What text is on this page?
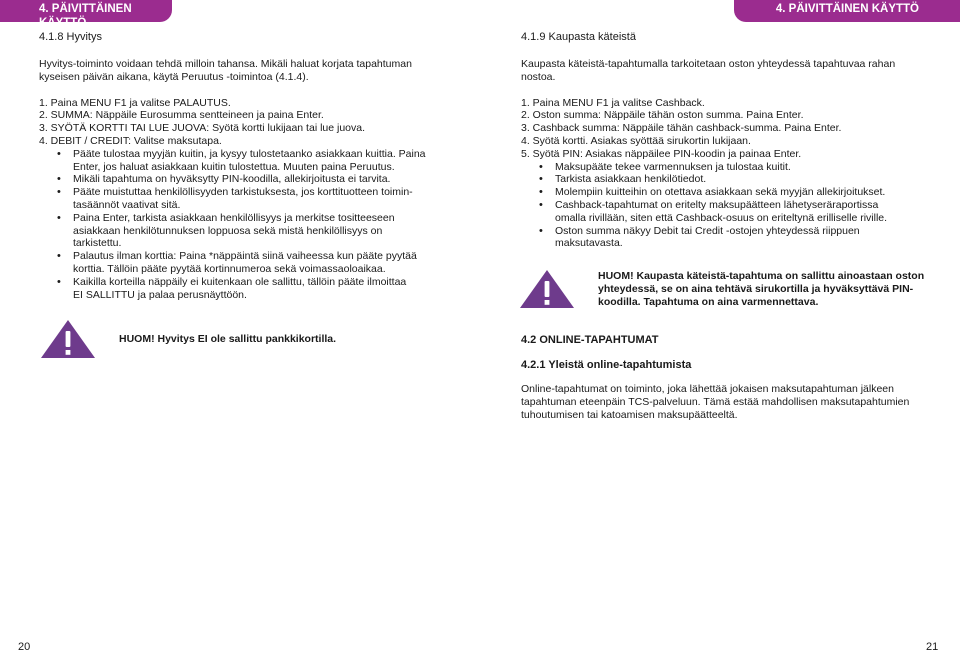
4. PÄIVITTÄINEN KÄYTTÖ
4. PÄIVITTÄINEN KÄYTTÖ
4.1.8 Hyvitys
Hyvitys-toiminto voidaan tehdä milloin tahansa. Mikäli haluat korjata tapahtuman
kyseisen päivän aikana, käytä Peruutus -toimintoa (4.1.4).
1. Paina MENU F1 ja valitse PALAUTUS.
2. SUMMA: Näppäile Eurosumma sentteineen ja paina Enter.
3. SYÖTÄ KORTTI TAI LUE JUOVA: Syötä kortti lukijaan tai lue juova.
4. DEBIT / CREDIT: Valitse maksutapa.
• Pääte tulostaa myyjän kuitin, ja kysyy tulostetaanko asiakkaan kuittia. Paina
Enter, jos haluat asiakkaan kuitin tulostettua. Muuten paina Peruutus.
• Mikäli tapahtuma on hyväksytty PIN-koodilla, allekirjoitusta ei tarvita.
• Pääte muistuttaa henkilöllisyyden tarkistuksesta, jos korttituotteen toimin-
tasäännöt vaativat sitä.
• Paina Enter, tarkista asiakkaan henkilöllisyys ja merkitse tositteeseen
asiakkaan henkilötunnuksen loppuosa sekä mistä henkilöllisyys on
tarkistettu.
• Palautus ilman korttia: Paina *näppäintä siinä vaiheessa kun pääte pyytää
korttia. Tällöin pääte pyytää kortinnumeroa sekä voimassaoloaikaa.
• Kaikilla korteilla näppäily ei kuitenkaan ole sallittu, tällöin pääte ilmoittaa
EI SALLITTU ja palaa perusnäyttöön.
HUOM! Hyvitys EI ole sallittu pankkikortilla.
20
4.1.9 Kaupasta käteistä
Kaupasta käteistä-tapahtumalla tarkoitetaan oston yhteydessä tapahtuvaa rahan
nostoa.
1. Paina MENU F1 ja valitse Cashback.
2. Oston summa: Näppäile tähän oston summa. Paina Enter.
3. Cashback summa: Näppäile tähän cashback-summa. Paina Enter.
4. Syötä kortti. Asiakas syöttää sirukortin lukijaan.
5. Syötä PIN: Asiakas näppäilee PIN-koodin ja painaa Enter.
• Maksupääte tekee varmennuksen ja tulostaa kuitit.
• Tarkista asiakkaan henkilötiedot.
• Molempiin kuitteihin on otettava asiakkaan sekä myyjän allekirjoitukset.
• Cashback-tapahtumat on eritelty maksupäätteen lähetyseräraportissa
omalla rivillään, siten että Cashback-osuus on eriteltynä erilliselle riville.
• Oston summa näkyy Debit tai Credit -ostojen yhteydessä riippuen
maksutavasta.
HUOM! Kaupasta käteistä-tapahtuma on sallittu ainoastaan oston
yhteydessä, se on aina tehtävä sirukortilla ja hyväksyttävä PIN-
koodilla. Tapahtuma on aina varmennettava.
4.2 ONLINE-TAPAHTUMAT
4.2.1 Yleistä online-tapahtumista
Online-tapahtumat on toiminto, joka lähettää jokaisen maksutapahtuman jälkeen
tapahtuman eteenpäin TCS-palveluun. Tämä estää mahdollisen maksutapahtumien
tuhoutumisen tai katoamisen maksupäätteeltä.
21
